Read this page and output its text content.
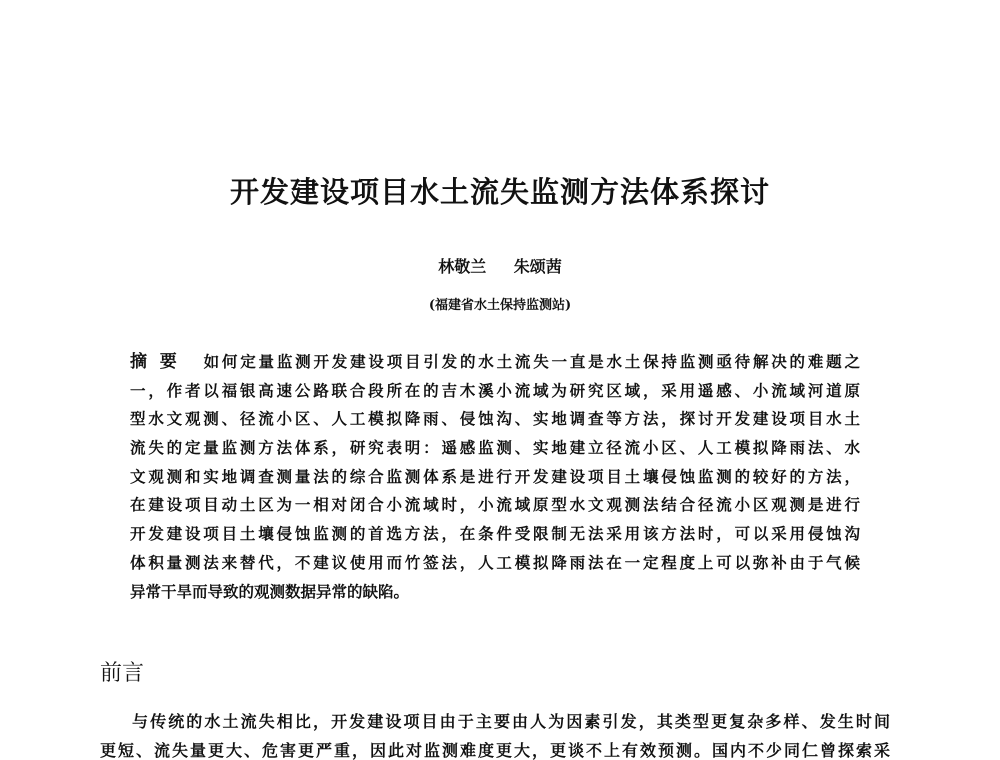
开发建设项目水土流失监测方法体系探讨
林敬兰 朱颂茜
(福建省水土保持监测站)
摘要 如何定量监测开发建设项目引发的水土流失一直是水土保持监测亟待解决的难题之
一，作者以福银高速公路联合段所在的吉木溪小流域为研究区域，采用遥感、小流域河道原
型水文观测、径流小区、人工模拟降雨、侵蚀沟、实地调查等方法，探讨开发建设项目水土
流失的定量监测方法体系，研究表明：遥感监测、实地建立径流小区、人工模拟降雨法、水
文观测和实地调查测量法的综合监测体系是进行开发建设项目土壤侵蚀监测的较好的方法，
在建设项目动土区为一相对闭合小流域时，小流域原型水文观测法结合径流小区观测是进行
开发建设项目土壤侵蚀监测的首选方法，在条件受限制无法采用该方法时，可以采用侵蚀沟
体积量测法来替代，不建议使用而竹签法，人工模拟降雨法在一定程度上可以弥补由于气候
异常干旱而导致的观测数据异常的缺陷。
前言
与传统的水土流失相比，开发建设项目由于主要由人为因素引发，其类型更复杂多样、发生时间
更短、流失量更大、危害更严重，因此对监测难度更大，更谈不上有效预测。国内不少同仁曾探索采
